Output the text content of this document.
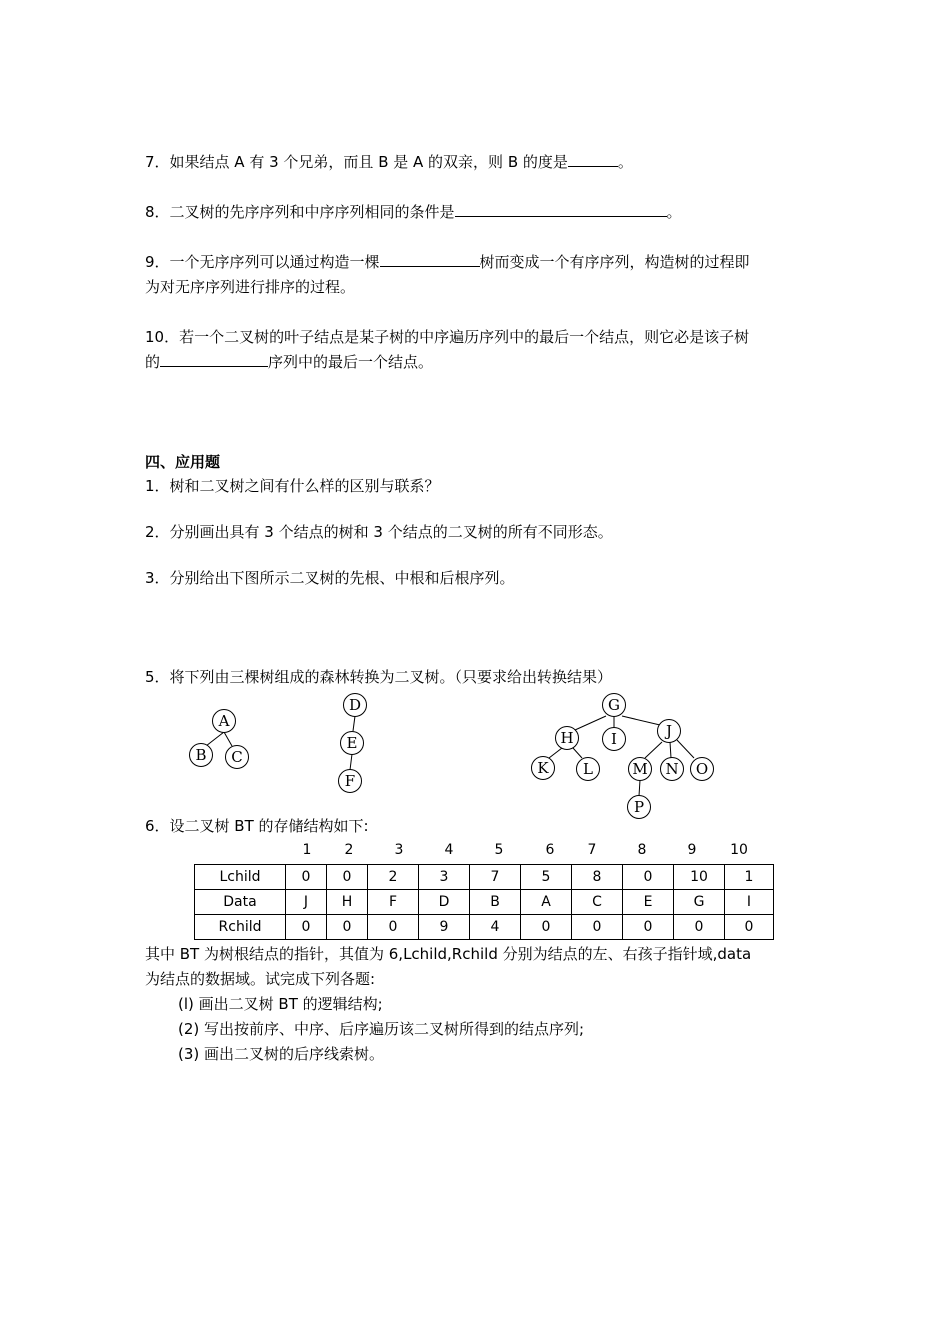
7．如果结点 A 有 3 个兄弟，而且 B 是 A 的双亲，则 B 的度是	。
8．二叉树的先序序列和中序序列相同的条件是	。
9．一个无序序列可以通过构造一棵	树而变成一个有序序列，构造树的过程即
为对无序序列进行排序的过程。
10．若一个二叉树的叶子结点是某子树的中序遍历序列中的最后一个结点，则它必是该子树
的	序列中的最后一个结点。
四、应用题
1．树和二叉树之间有什么样的区别与联系？
2．分别画出具有 3 个结点的树和 3 个结点的二叉树的所有不同形态。
3．分别给出下图所示二叉树的先根、中根和后根序列。
5．将下列由三棵树组成的森林转换为二叉树。（只要求给出转换结果）
A
B C
D
E
F
G
H I	J
K L	M N O
P
6．设二叉树 BT 的存储结构如下:
1	2	3	4	5	6	7	8	9	10
Lchild	0	0	2	3	7	5	8	0	10	1
Data	J	H	F	D	B	A	C	E	G	I
Rchild	0	0	0	9	4	0	0	0	0	0
其中 BT 为树根结点的指针，其值为 6,Lchild,Rchild 分别为结点的左、右孩子指针域,data
为结点的数据域。试完成下列各题:
(l) 画出二叉树 BT 的逻辑结构;
(2) 写出按前序、中序、后序遍历该二叉树所得到的结点序列;
(3) 画出二叉树的后序线索树。
